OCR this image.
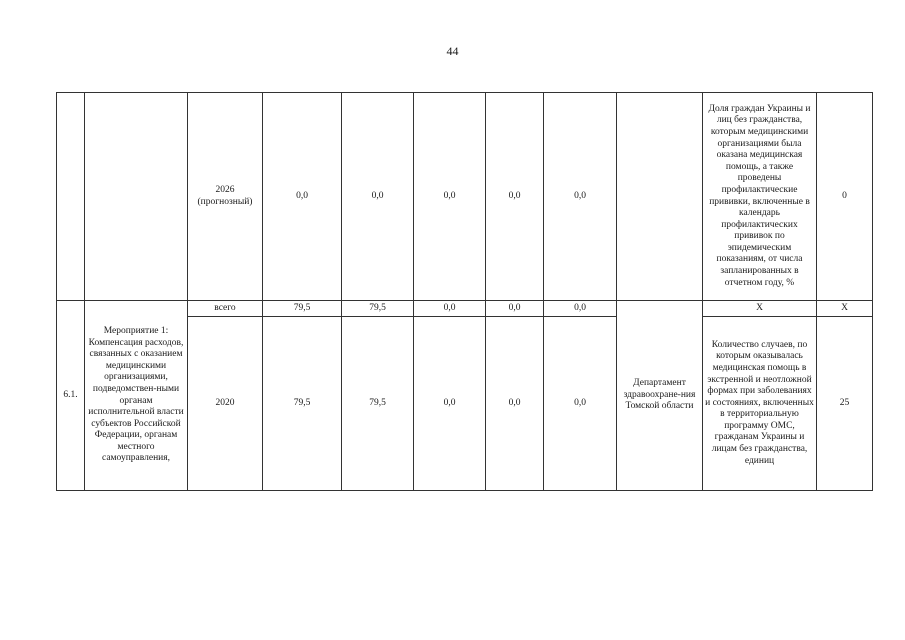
44
		2026 (прогнозный)	0,0	0,0	0,0	0,0	0,0		Доля граждан Украины и лиц без гражданства, которым медицинскими организациями была оказана медицинская помощь, а также проведены профилактические прививки, включенные в календарь профилактических прививок по эпидемическим показаниям, от числа запланированных в отчетном году, %	0
6.1.	Мероприятие 1: Компенсация расходов, связанных с оказанием медицинскими организациями, подведомствен-ными органам исполнительной власти субъектов Российской Федерации, органам местного самоуправления,	всего	79,5	79,5	0,0	0,0	0,0	Департамент здравоохране-ния Томской области	Х	Х
		2020	79,5	79,5	0,0	0,0	0,0		Количество случаев, по которым оказывалась медицинская помощь в экстренной и неотложной формах при заболеваниях и состояниях, включенных в территориальную программу ОМС, гражданам Украины и лицам без гражданства, единиц	25
